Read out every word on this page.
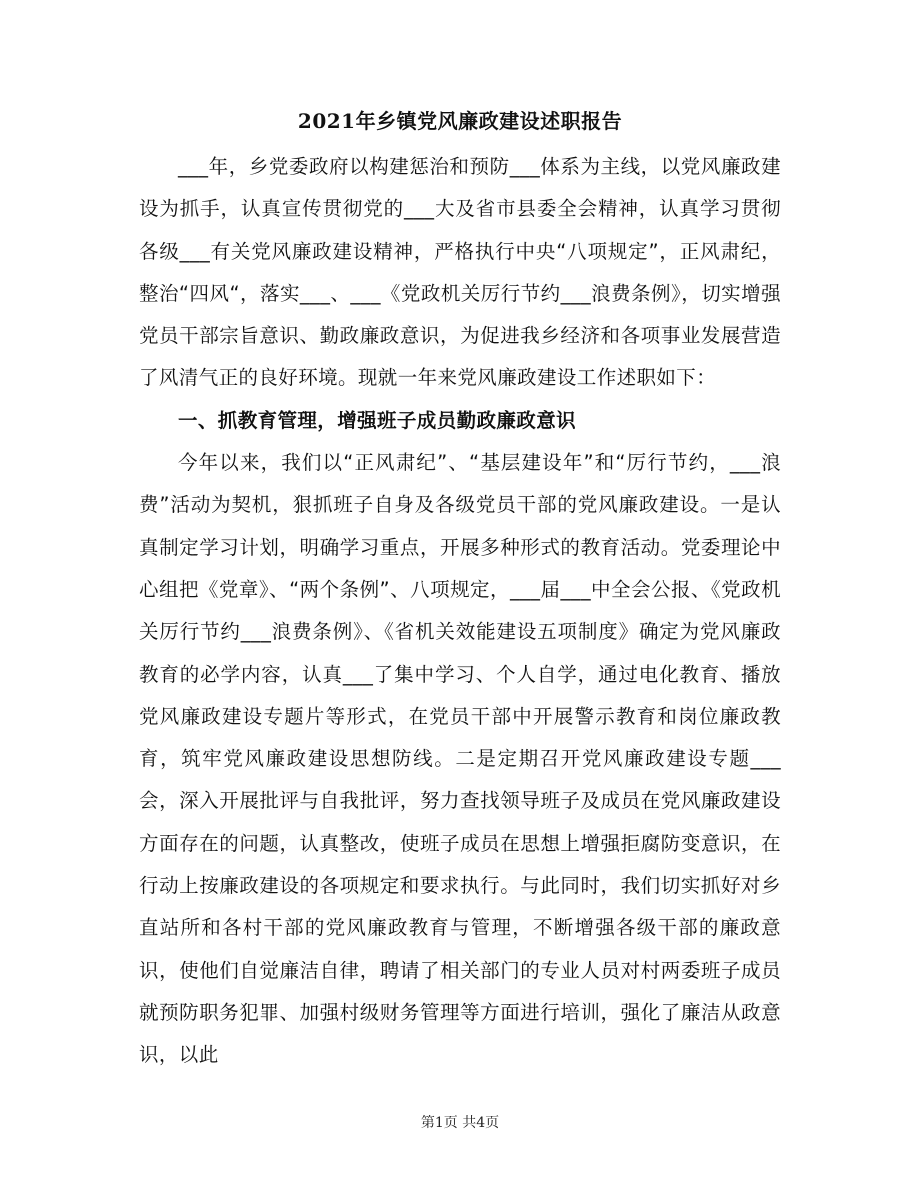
2021年乡镇党风廉政建设述职报告

___年，乡党委政府以构建惩治和预防___体系为主线，以党风廉政建设为抓手，认真宣传贯彻党的___大及省市县委全会精神，认真学习贯彻各级___有关党风廉政建设精神，严格执行中央“八项规定”，正风肃纪，整治“四风“，落实___、___《党政机关厉行节约___浪费条例》，切实增强党员干部宗旨意识、勤政廉政意识，为促进我乡经济和各项事业发展营造了风清气正的良好环境。现就一年来党风廉政建设工作述职如下：

一、抓教育管理，增强班子成员勤政廉政意识

今年以来，我们以“正风肃纪”、“基层建设年”和“厉行节约，___浪费”活动为契机，狠抓班子自身及各级党员干部的党风廉政建设。一是认真制定学习计划，明确学习重点，开展多种形式的教育活动。党委理论中心组把《党章》、“两个条例”、八项规定，___届___中全会公报、《党政机关厉行节约___浪费条例》、《省机关效能建设五项制度》确定为党风廉政教育的必学内容，认真___了集中学习、个人自学，通过电化教育、播放党风廉政建设专题片等形式，在党员干部中开展警示教育和岗位廉政教育，筑牢党风廉政建设思想防线。二是定期召开党风廉政建设专题___会，深入开展批评与自我批评，努力查找领导班子及成员在党风廉政建设方面存在的问题，认真整改，使班子成员在思想上增强拒腐防变意识，在行动上按廉政建设的各项规定和要求执行。与此同时，我们切实抓好对乡直站所和各村干部的党风廉政教育与管理，不断增强各级干部的廉政意识，使他们自觉廉洁自律，聘请了相关部门的专业人员对村两委班子成员就预防职务犯罪、加强村级财务管理等方面进行培训，强化了廉洁从政意识，以此

第1页 共4页
